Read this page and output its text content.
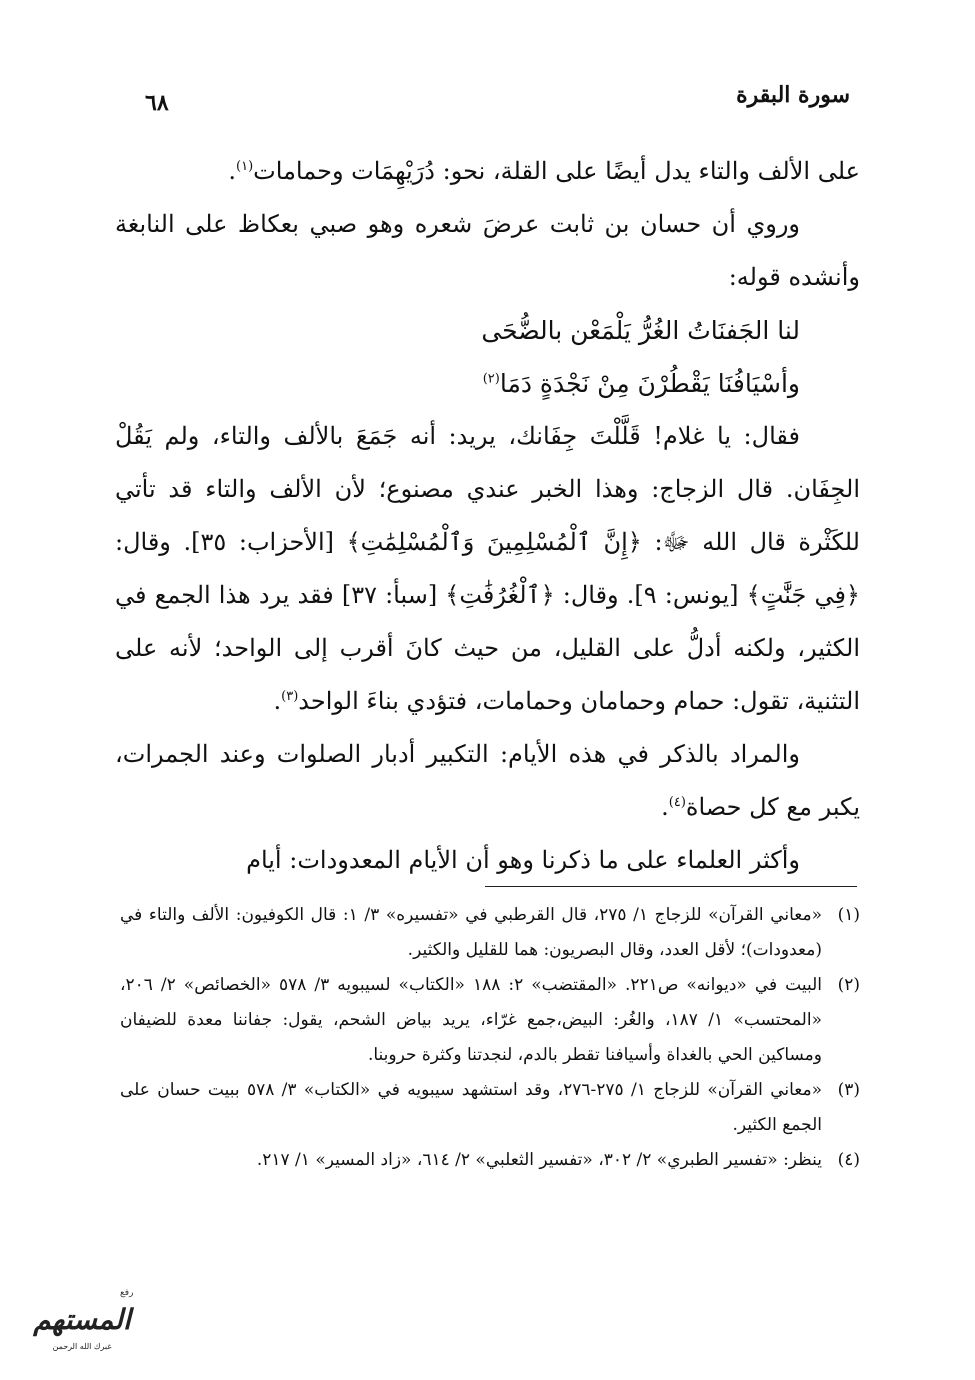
سورة البقرة
٦٨

على الألف والتاء يدل أيضًا على القلة، نحو: دُرَيْهِمَات وحمامات$^{(١)}$.

وروي أن حسان بن ثابت عرضَ شعره وهو صبي بعكاظ على النابغة وأنشده قوله:

لنا الجَفنَاتُ الغُرُّ يَلْمَعْن بالضُّحَى

وأسْيَافُنَا يَقْطُرْنَ مِنْ نَجْدَةٍ دَمَا$^{(٢)}$

فقال: يا غلام! قَلَّلْتَ جِفَانك، يريد: أنه جَمَعَ بالألف والتاء، ولم يَقُلْ الجِفَان. قال الزجاج: وهذا الخبر عندي مصنوع؛ لأن الألف والتاء قد تأتي للكَثْرة قال الله ﷻ: ﴿إِنَّ ٱلْمُسْلِمِينَ وَٱلْمُسْلِمَٰتِ﴾ [الأحزاب: ٣٥]. وقال: ﴿فِي جَنَّٰتٍ﴾ [يونس: ٩]. وقال: ﴿ٱلْغُرُفَٰتِ﴾ [سبأ: ٣٧] فقد يرد هذا الجمع في الكثير، ولكنه أدلُّ على القليل، من حيث كانَ أقرب إلى الواحد؛ لأنه على التثنية، تقول: حمام وحمامان وحمامات، فتؤدي بناءَ الواحد$^{(٣)}$.

والمراد بالذكر في هذه الأيام: التكبير أدبار الصلوات وعند الجمرات، يكبر مع كل حصاة$^{(٤)}$.

وأكثر العلماء على ما ذكرنا وهو أن الأيام المعدودات: أيام

(١)
«معاني القرآن» للزجاج ١/ ٢٧٥، قال القرطبي في «تفسيره» ٣/ ١: قال الكوفيون: الألف والتاء في (معدودات)؛ لأقل العدد، وقال البصريون: هما للقليل والكثير.

(٢)
البيت في «ديوانه» ص٢٢١. «المقتضب» ٢: ١٨٨ «الكتاب» لسيبويه ٣/ ٥٧٨ «الخصائص» ٢/ ٢٠٦، «المحتسب» ١/ ١٨٧، والغُر: البيض،جمع غرّاء، يريد بياض الشحم، يقول: جفاننا معدة للضيفان ومساكين الحي بالغداة وأسيافنا تقطر بالدم، لنجدتنا وكثرة حروبنا.

(٣)
«معاني القرآن» للزجاج ١/ ٢٧٥-٢٧٦، وقد استشهد سيبويه في «الكتاب» ٣/ ٥٧٨ ببيت حسان على الجمع الكثير.

(٤)
ينظر: «تفسير الطبري» ٢/ ٣٠٢، «تفسير الثعلبي» ٢/ ٦١٤، «زاد المسير» ١/ ٢١٧.

رفع
المستهم
غبرك الله الرحمن
